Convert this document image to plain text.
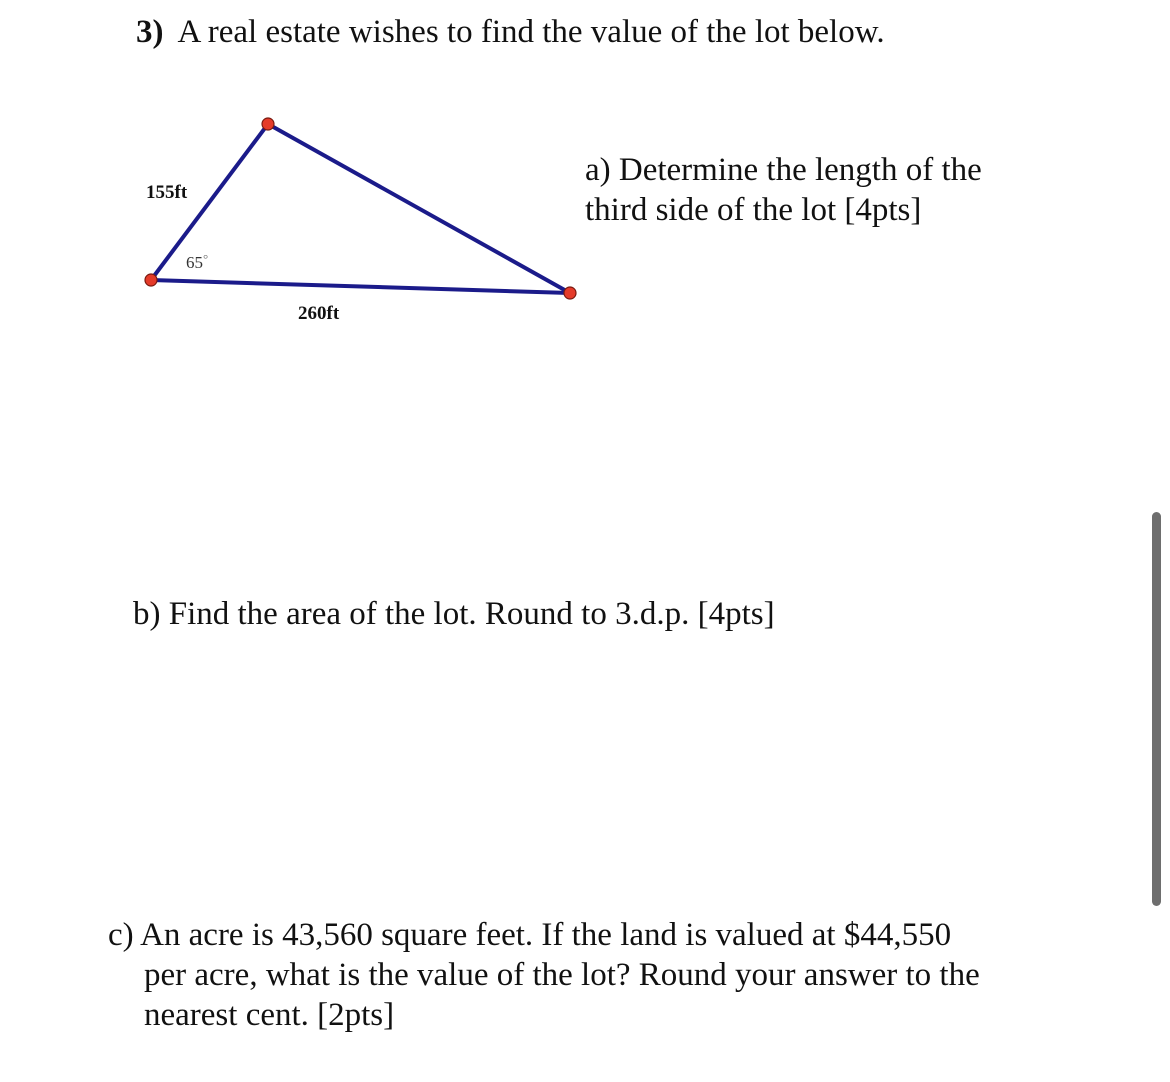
3) A real estate wishes to find the value of the lot below.
155ft
260ft
65°
a) Determine the length of the third side of the lot [4pts]
b) Find the area of the lot. Round to 3.d.p. [4pts]
c) An acre is 43,560 square feet. If the land is valued at $44,550
per acre, what is the value of the lot? Round your answer to the nearest cent. [2pts]
